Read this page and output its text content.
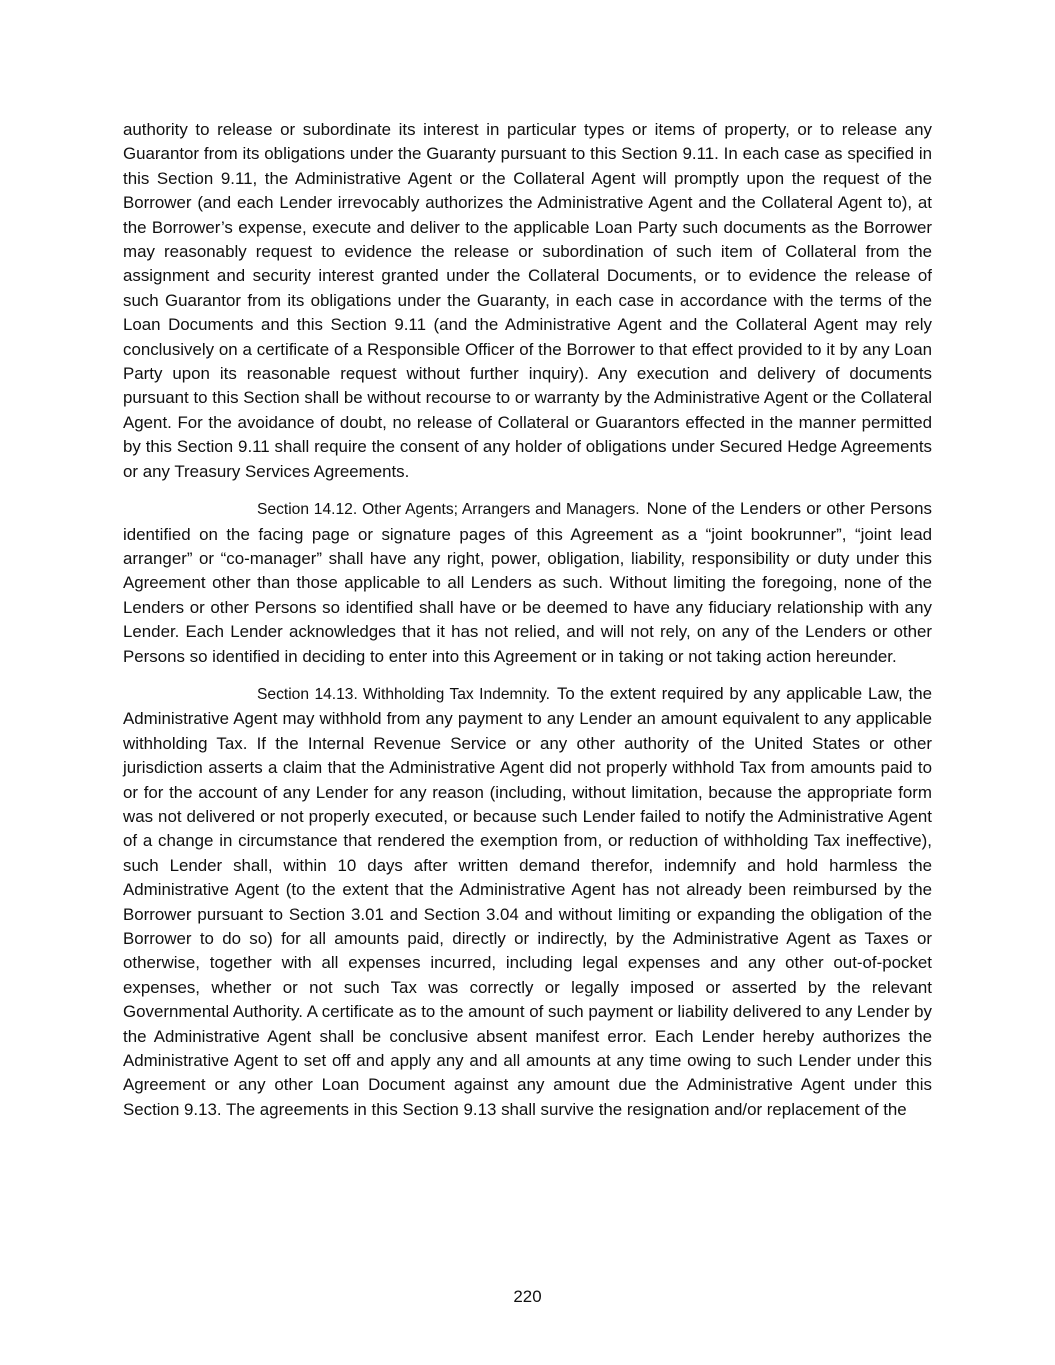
authority to release or subordinate its interest in particular types or items of property, or to release any Guarantor from its obligations under the Guaranty pursuant to this Section 9.11. In each case as specified in this Section 9.11, the Administrative Agent or the Collateral Agent will promptly upon the request of the Borrower (and each Lender irrevocably authorizes the Administrative Agent and the Collateral Agent to), at the Borrower’s expense, execute and deliver to the applicable Loan Party such documents as the Borrower may reasonably request to evidence the release or subordination of such item of Collateral from the assignment and security interest granted under the Collateral Documents, or to evidence the release of such Guarantor from its obligations under the Guaranty, in each case in accordance with the terms of the Loan Documents and this Section 9.11 (and the Administrative Agent and the Collateral Agent may rely conclusively on a certificate of a Responsible Officer of the Borrower to that effect provided to it by any Loan Party upon its reasonable request without further inquiry). Any execution and delivery of documents pursuant to this Section shall be without recourse to or warranty by the Administrative Agent or the Collateral Agent. For the avoidance of doubt, no release of Collateral or Guarantors effected in the manner permitted by this Section 9.11 shall require the consent of any holder of obligations under Secured Hedge Agreements or any Treasury Services Agreements.

Section 14.12. Other Agents; Arrangers and Managers. None of the Lenders or other Persons identified on the facing page or signature pages of this Agreement as a “joint bookrunner”, “joint lead arranger” or “co-manager” shall have any right, power, obligation, liability, responsibility or duty under this Agreement other than those applicable to all Lenders as such. Without limiting the foregoing, none of the Lenders or other Persons so identified shall have or be deemed to have any fiduciary relationship with any Lender. Each Lender acknowledges that it has not relied, and will not rely, on any of the Lenders or other Persons so identified in deciding to enter into this Agreement or in taking or not taking action hereunder.

Section 14.13. Withholding Tax Indemnity. To the extent required by any applicable Law, the Administrative Agent may withhold from any payment to any Lender an amount equivalent to any applicable withholding Tax. If the Internal Revenue Service or any other authority of the United States or other jurisdiction asserts a claim that the Administrative Agent did not properly withhold Tax from amounts paid to or for the account of any Lender for any reason (including, without limitation, because the appropriate form was not delivered or not properly executed, or because such Lender failed to notify the Administrative Agent of a change in circumstance that rendered the exemption from, or reduction of withholding Tax ineffective), such Lender shall, within 10 days after written demand therefor, indemnify and hold harmless the Administrative Agent (to the extent that the Administrative Agent has not already been reimbursed by the Borrower pursuant to Section 3.01 and Section 3.04 and without limiting or expanding the obligation of the Borrower to do so) for all amounts paid, directly or indirectly, by the Administrative Agent as Taxes or otherwise, together with all expenses incurred, including legal expenses and any other out-of-pocket expenses, whether or not such Tax was correctly or legally imposed or asserted by the relevant Governmental Authority. A certificate as to the amount of such payment or liability delivered to any Lender by the Administrative Agent shall be conclusive absent manifest error. Each Lender hereby authorizes the Administrative Agent to set off and apply any and all amounts at any time owing to such Lender under this Agreement or any other Loan Document against any amount due the Administrative Agent under this Section 9.13. The agreements in this Section 9.13 shall survive the resignation and/or replacement of the

220
